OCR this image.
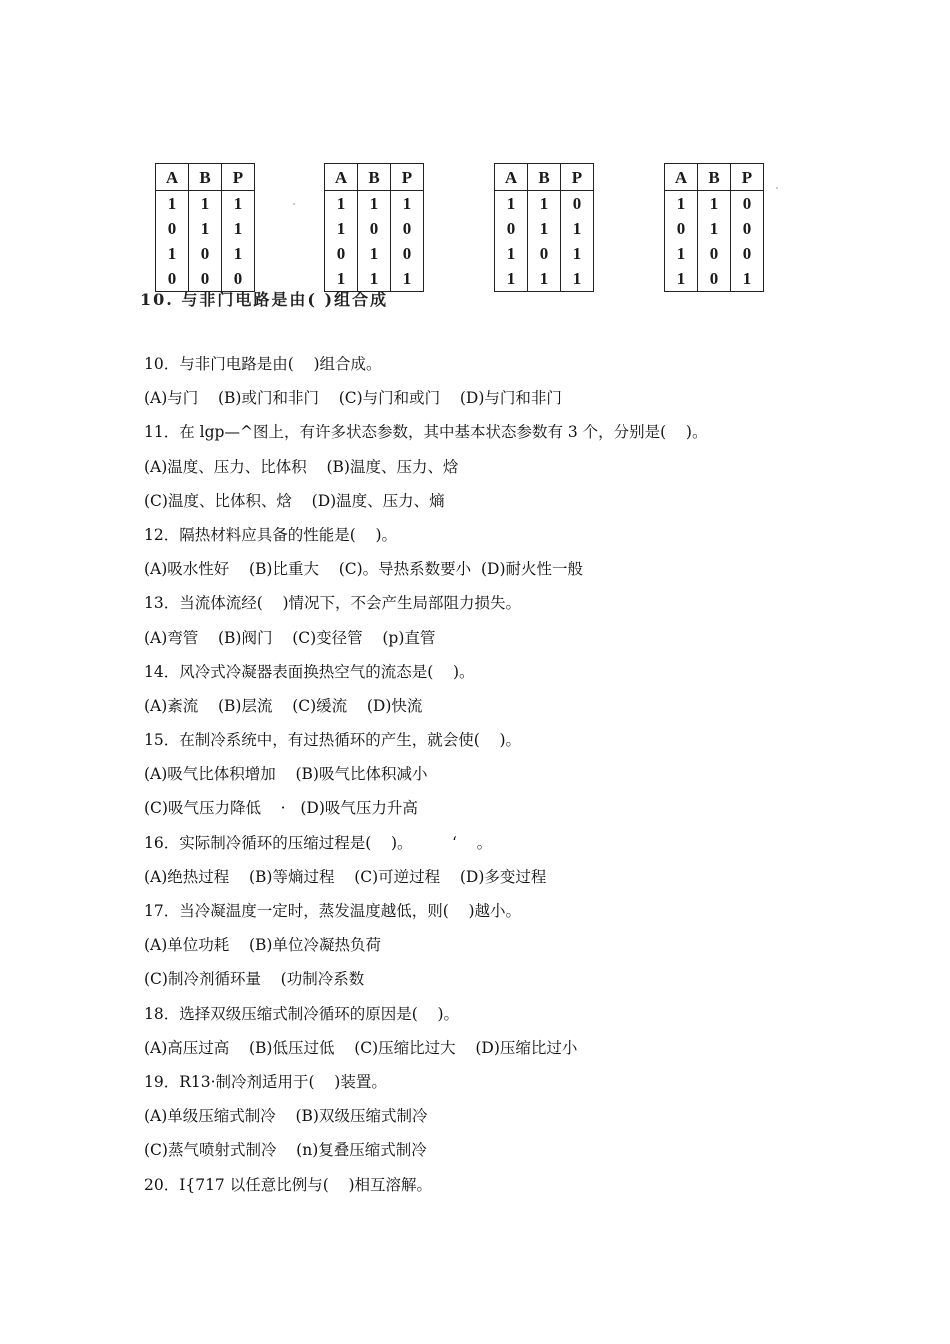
A	B	P
1	1	1
0	1	1
1	0	1
0	0	0
A	B	P
1	1	1
1	0	0
0	1	0
1	1	1
A	B	P
1	1	0
0	1	1
1	0	1
1	1	1
A	B	P
1	1	0
0	1	0
1	0	0
1	0	1
10. 与非门电路是由( )组合成
10．与非门电路是由(    )组合成。
(A)与门    (B)或门和非门    (C)与门和或门    (D)与门和非门
11．在 lgp—^图上，有许多状态参数，其中基本状态参数有 3 个，分别是(    )。
(A)温度、压力、比体积    (B)温度、压力、焓
(C)温度、比体积、焓    (D)温度、压力、熵
12．隔热材料应具备的性能是(    )。
(A)吸水性好    (B)比重大    (C)。导热系数要小  (D)耐火性一般
13．当流体流经(    )情况下，不会产生局部阻力损失。
(A)弯管    (B)阀门    (C)变径管    (p)直管
14．风冷式冷凝器表面换热空气的流态是(    )。
(A)紊流    (B)层流    (C)缓流    (D)快流
15．在制冷系统中，有过热循环的产生，就会使(    )。
(A)吸气比体积增加    (B)吸气比体积减小
(C)吸气压力降低    ·   (D)吸气压力升高
16．实际制冷循环的压缩过程是(    )。        ‘    。
(A)绝热过程    (B)等熵过程    (C)可逆过程    (D)多变过程
17．当冷凝温度一定时，蒸发温度越低，则(    )越小。
(A)单位功耗    (B)单位冷凝热负荷
(C)制冷剂循环量    (功制冷系数
18．选择双级压缩式制冷循环的原因是(    )。
(A)高压过高    (B)低压过低    (C)压缩比过大    (D)压缩比过小
19．R13·制冷剂适用于(    )装置。
(A)单级压缩式制冷    (B)双级压缩式制冷
(C)蒸气喷射式制冷    (n)复叠压缩式制冷
20．I{717 以任意比例与(    )相互溶解。
